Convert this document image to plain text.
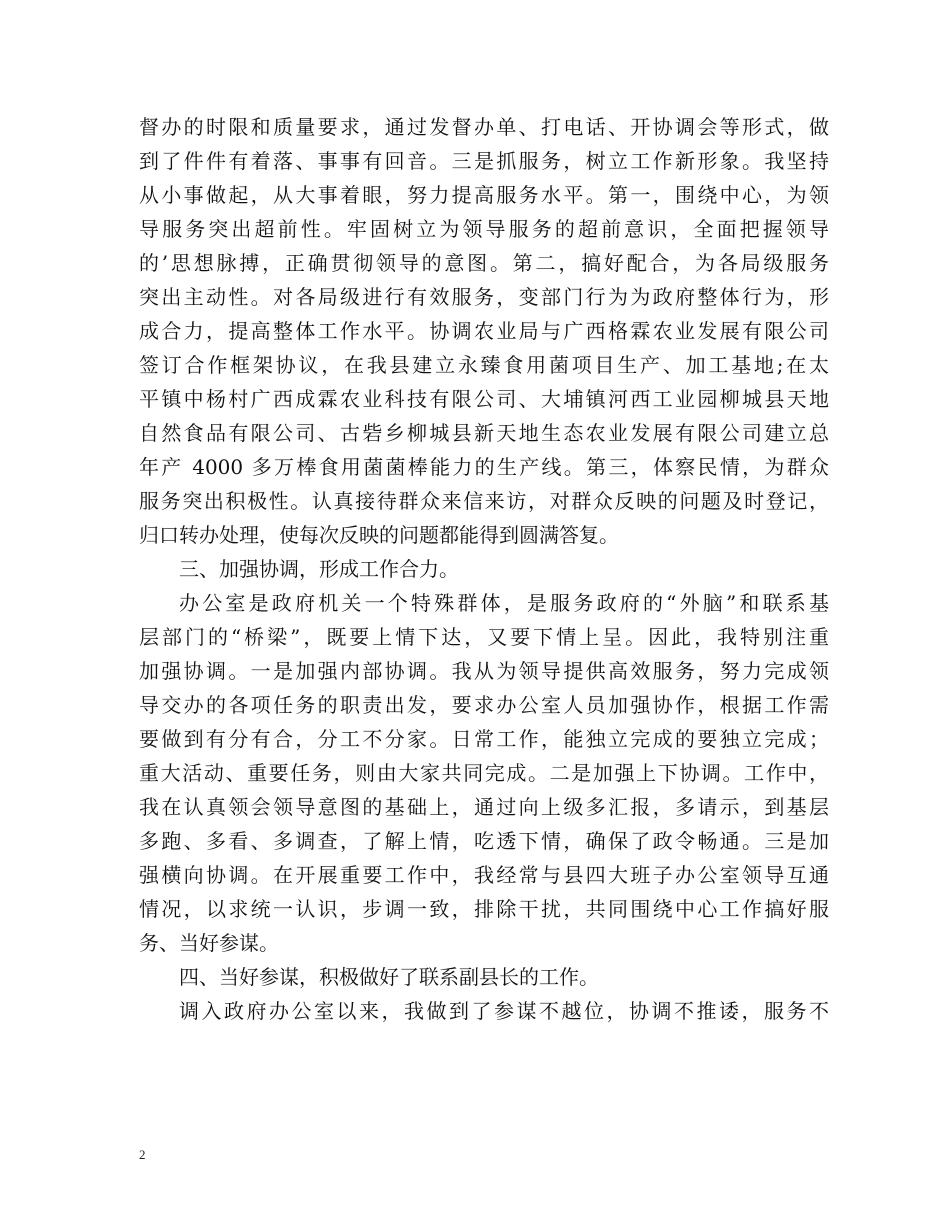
督办的时限和质量要求，通过发督办单、打电话、开协调会等形式，做
到了件件有着落、事事有回音。三是抓服务，树立工作新形象。我坚持
从小事做起，从大事着眼，努力提高服务水平。第一，围绕中心，为领
导服务突出超前性。牢固树立为领导服务的超前意识，全面把握领导
的’思想脉搏，正确贯彻领导的意图。第二，搞好配合，为各局级服务
突出主动性。对各局级进行有效服务，变部门行为为政府整体行为，形
成合力，提高整体工作水平。协调农业局与广西格霖农业发展有限公司
签订合作框架协议，在我县建立永臻食用菌项目生产、加工基地;在太
平镇中杨村广西成霖农业科技有限公司、大埔镇河西工业园柳城县天地
自然食品有限公司、古砦乡柳城县新天地生态农业发展有限公司建立总
年产 4000 多万棒食用菌菌棒能力的生产线。第三，体察民情，为群众
服务突出积极性。认真接待群众来信来访，对群众反映的问题及时登记，
归口转办处理，使每次反映的问题都能得到圆满答复。
三、加强协调，形成工作合力。
办公室是政府机关一个特殊群体，是服务政府的“外脑”和联系基
层部门的“桥梁”，既要上情下达，又要下情上呈。因此，我特别注重
加强协调。一是加强内部协调。我从为领导提供高效服务，努力完成领
导交办的各项任务的职责出发，要求办公室人员加强协作，根据工作需
要做到有分有合，分工不分家。日常工作，能独立完成的要独立完成；
重大活动、重要任务，则由大家共同完成。二是加强上下协调。工作中，
我在认真领会领导意图的基础上，通过向上级多汇报，多请示，到基层
多跑、多看、多调查，了解上情，吃透下情，确保了政令畅通。三是加
强横向协调。在开展重要工作中，我经常与县四大班子办公室领导互通
情况，以求统一认识，步调一致，排除干扰，共同围绕中心工作搞好服
务、当好参谋。
四、当好参谋，积极做好了联系副县长的工作。
调入政府办公室以来，我做到了参谋不越位，协调不推诿，服务不
2
